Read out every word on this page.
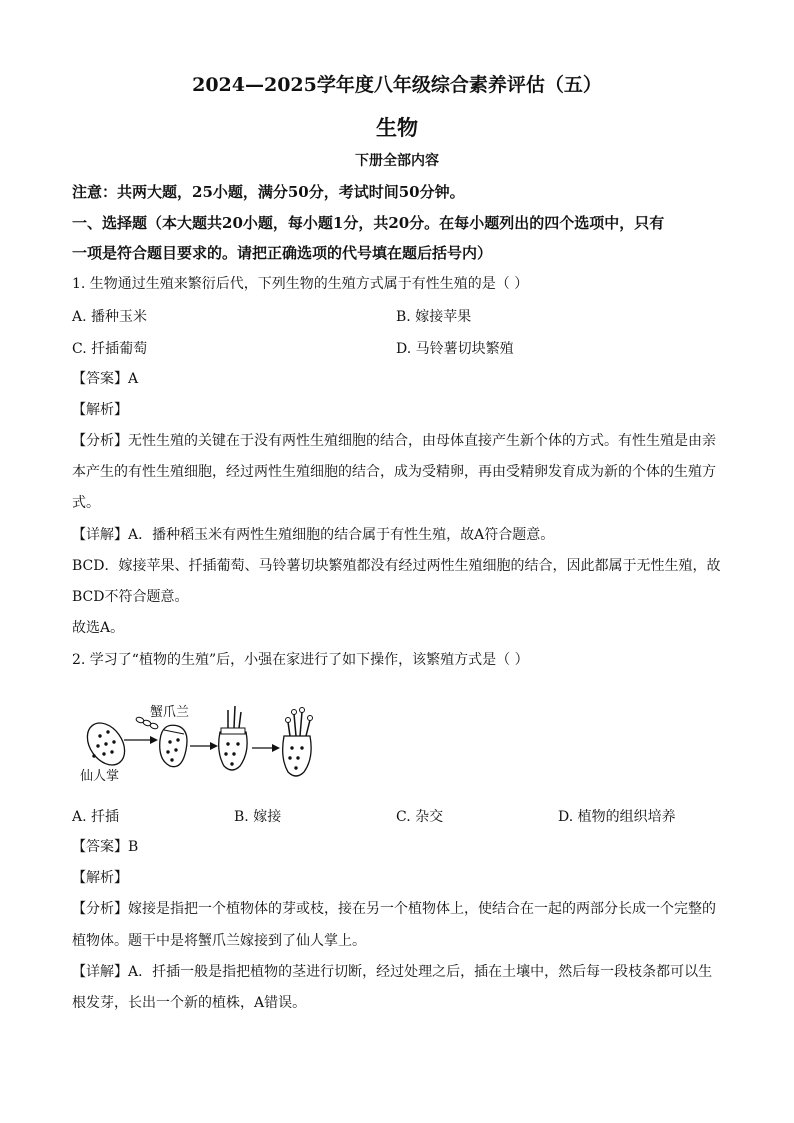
2024—2025学年度八年级综合素养评估（五）
生物
下册全部内容
注意：共两大题，25小题，满分50分，考试时间50分钟。
一、选择题（本大题共20小题，每小题1分，共20分。在每小题列出的四个选项中，只有
一项是符合题目要求的。请把正确选项的代号填在题后括号内）
1. 生物通过生殖来繁衍后代，下列生物的生殖方式属于有性生殖的是（ ）
A. 播种玉米	B. 嫁接苹果
C. 扦插葡萄	D. 马铃薯切块繁殖
【答案】A
【解析】
【分析】无性生殖的关键在于没有两性生殖细胞的结合，由母体直接产生新个体的方式。有性生殖是由亲
本产生的有性生殖细胞，经过两性生殖细胞的结合，成为受精卵，再由受精卵发育成为新的个体的生殖方
式。
【详解】A．播种稻玉米有两性生殖细胞的结合属于有性生殖，故A符合题意。
BCD．嫁接苹果、扦插葡萄、马铃薯切块繁殖都没有经过两性生殖细胞的结合，因此都属于无性生殖，故
BCD不符合题意。
故选A。
2. 学习了“植物的生殖”后，小强在家进行了如下操作，该繁殖方式是（ ）
仙人掌
蟹爪兰
A. 扦插	B. 嫁接	C. 杂交	D. 植物的组织培养
【答案】B
【解析】
【分析】嫁接是指把一个植物体的芽或枝，接在另一个植物体上，使结合在一起的两部分长成一个完整的
植物体。题干中是将蟹爪兰嫁接到了仙人掌上。
【详解】A．扦插一般是指把植物的茎进行切断，经过处理之后，插在土壤中，然后每一段枝条都可以生
根发芽，长出一个新的植株，A错误。
